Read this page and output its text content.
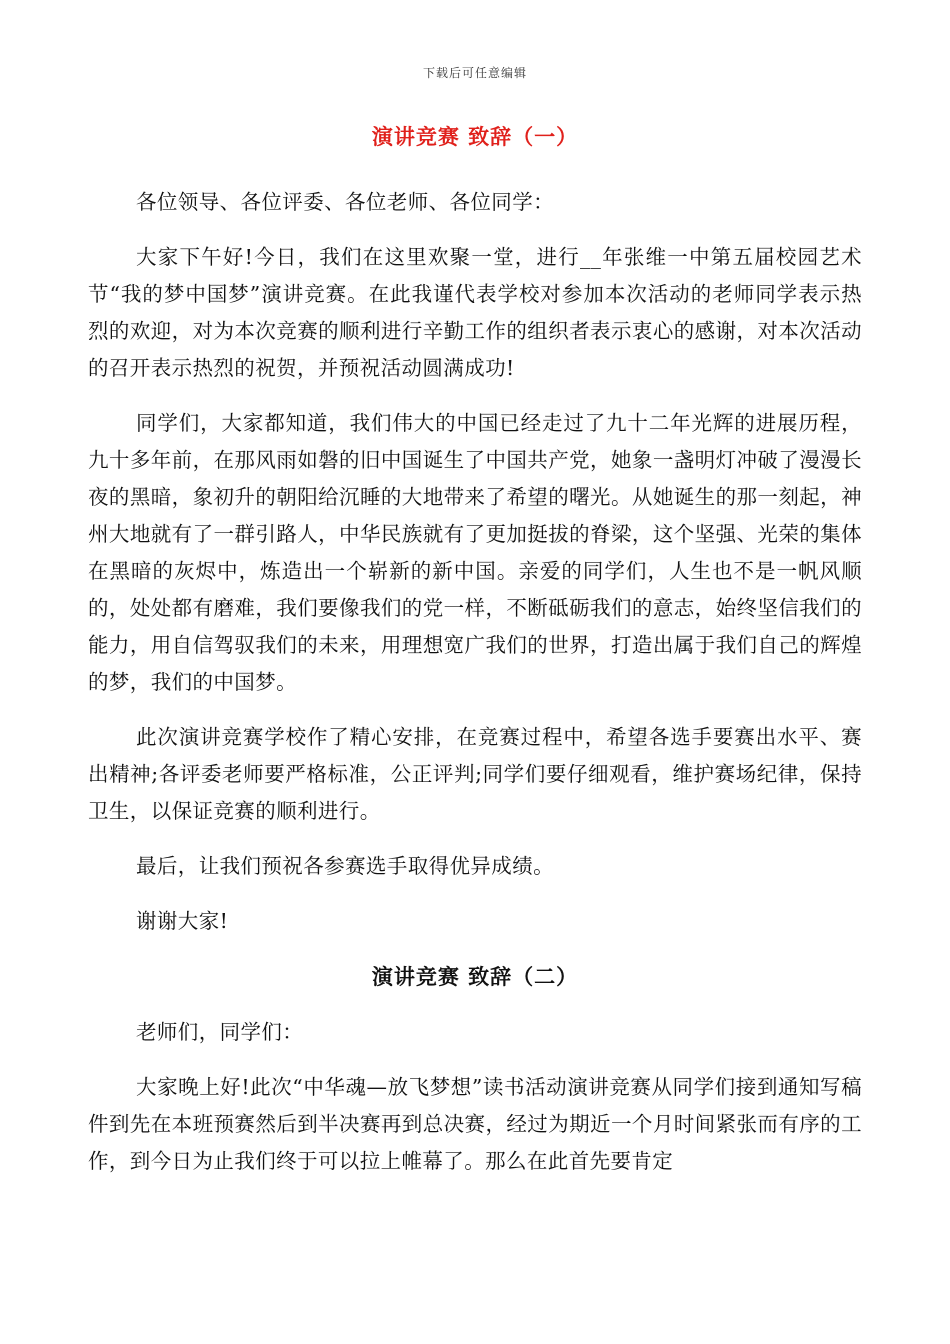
下载后可任意编辑
演讲竞赛 致辞（一）

各位领导、各位评委、各位老师、各位同学：

大家下午好!今日，我们在这里欢聚一堂，进行__年张维一中第五届校园艺术节“我的梦中国梦”演讲竞赛。在此我谨代表学校对参加本次活动的老师同学表示热烈的欢迎，对为本次竞赛的顺利进行辛勤工作的组织者表示衷心的感谢，对本次活动的召开表示热烈的祝贺，并预祝活动圆满成功!

同学们，大家都知道，我们伟大的中国已经走过了九十二年光辉的进展历程，九十多年前，在那风雨如磐的旧中国诞生了中国共产党，她象一盏明灯冲破了漫漫长夜的黑暗，象初升的朝阳给沉睡的大地带来了希望的曙光。从她诞生的那一刻起，神州大地就有了一群引路人，中华民族就有了更加挺拔的脊梁，这个坚强、光荣的集体在黑暗的灰烬中，炼造出一个崭新的新中国。亲爱的同学们，人生也不是一帆风顺的，处处都有磨难，我们要像我们的党一样，不断砥砺我们的意志，始终坚信我们的能力，用自信驾驭我们的未来，用理想宽广我们的世界，打造出属于我们自己的辉煌的梦，我们的中国梦。

此次演讲竞赛学校作了精心安排，在竞赛过程中，希望各选手要赛出水平、赛出精神;各评委老师要严格标准，公正评判;同学们要仔细观看，维护赛场纪律，保持卫生，以保证竞赛的顺利进行。

最后，让我们预祝各参赛选手取得优异成绩。

谢谢大家!

演讲竞赛 致辞（二）

老师们，同学们：

大家晚上好!此次“中华魂—放飞梦想”读书活动演讲竞赛从同学们接到通知写稿件到先在本班预赛然后到半决赛再到总决赛，经过为期近一个月时间紧张而有序的工作，到今日为止我们终于可以拉上帷幕了。那么在此首先要肯定
